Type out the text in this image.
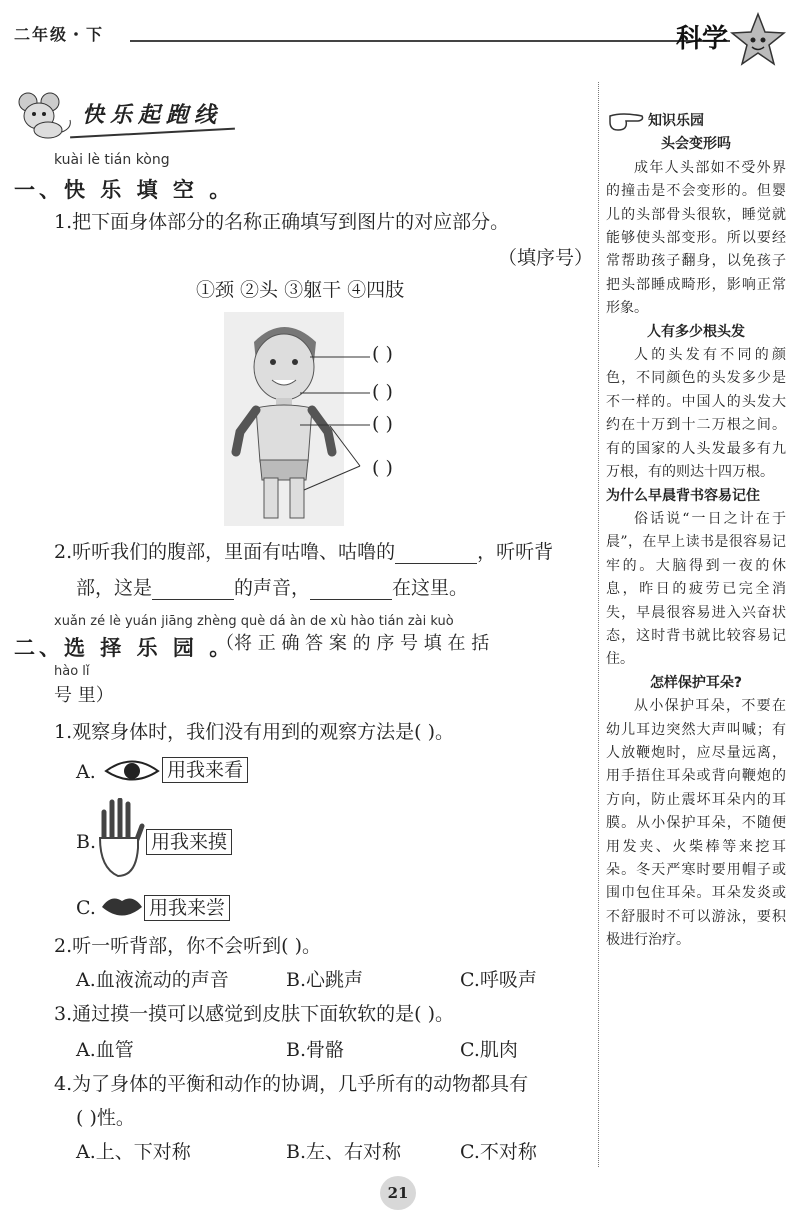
二年级・下	科学
快乐起跑线
kuài lè tián kòng
一、快 乐 填 空 。
1.把下面身体部分的名称正确填写到图片的对应部分。
（填序号）
①颈 ②头 ③躯干 ④四肢
( )
( )
( )
( )
2.听听我们的腹部，里面有咕噜、咕噜的	，听听背
部，这是	的声音，	在这里。
xuǎn zé lè yuán jiāng zhèng què dá àn de xù hào tián zài kuò
二、选 择 乐 园 。
（将 正 确 答 案 的 序 号 填 在 括
hào lǐ
号 里）
1.观察身体时，我们没有用到的观察方法是( )。
A.	用我来看
B.	用我来摸
C.	用我来尝
2.听一听背部，你不会听到( )。
A.血液流动的声音	B.心跳声	C.呼吸声
3.通过摸一摸可以感觉到皮肤下面软软的是( )。
A.血管	B.骨骼	C.肌肉
4.为了身体的平衡和动作的协调，几乎所有的动物都具有
( )性。
A.上、下对称	B.左、右对称	C.不对称
知识乐园
头会变形吗

成年人头部如不受外界的撞击是不会变形的。但婴儿的头部骨头很软，睡觉就能够使头部变形。所以要经常帮助孩子翻身，以免孩子把头部睡成畸形，影响正常形象。

人有多少根头发

人的头发有不同的颜色，不同颜色的头发多少是不一样的。中国人的头发大约在十万到十二万根之间。有的国家的人头发最多有九万根，有的则达十四万根。

为什么早晨背书容易记住

俗话说“一日之计在于晨”，在早上读书是很容易记牢的。大脑得到一夜的休息，昨日的疲劳已完全消失，早晨很容易进入兴奋状态，这时背书就比较容易记住。

怎样保护耳朵?

从小保护耳朵，不要在幼儿耳边突然大声叫喊；有人放鞭炮时，应尽量远离，用手捂住耳朵或背向鞭炮的方向，防止震坏耳朵内的耳膜。从小保护耳朵，不随便用发夹、火柴棒等来挖耳朵。冬天严寒时要用帽子或围巾包住耳朵。耳朵发炎或不舒服时不可以游泳，要积极进行治疗。

21
